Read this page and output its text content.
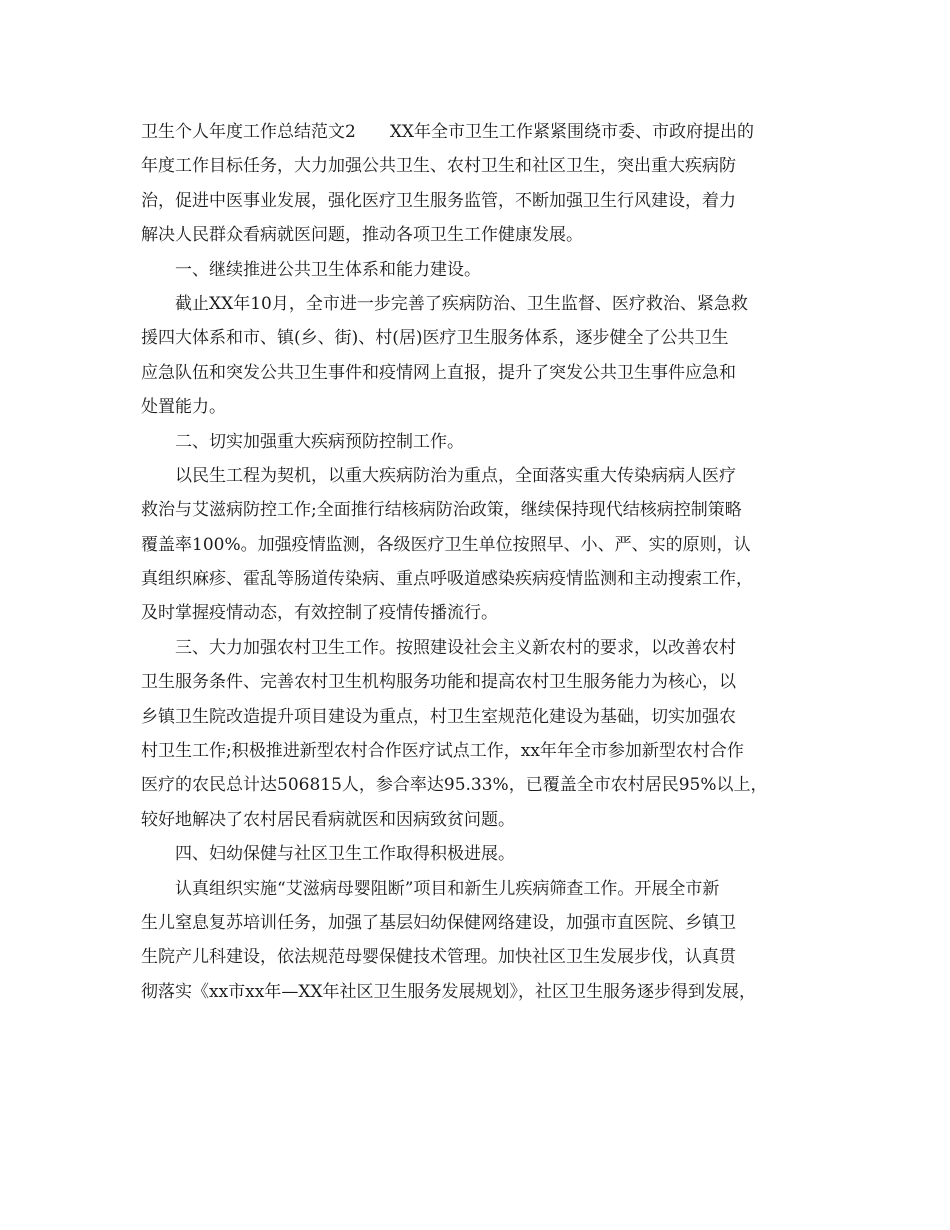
卫生个人年度工作总结范文2　　XX年全市卫生工作紧紧围绕市委、市政府提出的
年度工作目标任务，大力加强公共卫生、农村卫生和社区卫生，突出重大疾病防
治，促进中医事业发展，强化医疗卫生服务监管，不断加强卫生行风建设，着力
解决人民群众看病就医问题，推动各项卫生工作健康发展。
一、继续推进公共卫生体系和能力建设。
截止XX年10月，全市进一步完善了疾病防治、卫生监督、医疗救治、紧急救
援四大体系和市、镇(乡、街)、村(居)医疗卫生服务体系，逐步健全了公共卫生
应急队伍和突发公共卫生事件和疫情网上直报，提升了突发公共卫生事件应急和
处置能力。
二、切实加强重大疾病预防控制工作。
以民生工程为契机，以重大疾病防治为重点，全面落实重大传染病病人医疗
救治与艾滋病防控工作;全面推行结核病防治政策，继续保持现代结核病控制策略
覆盖率100%。加强疫情监测，各级医疗卫生单位按照早、小、严、实的原则，认
真组织麻疹、霍乱等肠道传染病、重点呼吸道感染疾病疫情监测和主动搜索工作，
及时掌握疫情动态，有效控制了疫情传播流行。
三、大力加强农村卫生工作。按照建设社会主义新农村的要求，以改善农村
卫生服务条件、完善农村卫生机构服务功能和提高农村卫生服务能力为核心，以
乡镇卫生院改造提升项目建设为重点，村卫生室规范化建设为基础，切实加强农
村卫生工作;积极推进新型农村合作医疗试点工作，xx年年全市参加新型农村合作
医疗的农民总计达506815人，参合率达95.33%，已覆盖全市农村居民95%以上，
较好地解决了农村居民看病就医和因病致贫问题。
四、妇幼保健与社区卫生工作取得积极进展。
认真组织实施“艾滋病母婴阻断”项目和新生儿疾病筛查工作。开展全市新
生儿窒息复苏培训任务，加强了基层妇幼保健网络建设，加强市直医院、乡镇卫
生院产儿科建设，依法规范母婴保健技术管理。加快社区卫生发展步伐，认真贯
彻落实《xx市xx年—XX年社区卫生服务发展规划》，社区卫生服务逐步得到发展，
